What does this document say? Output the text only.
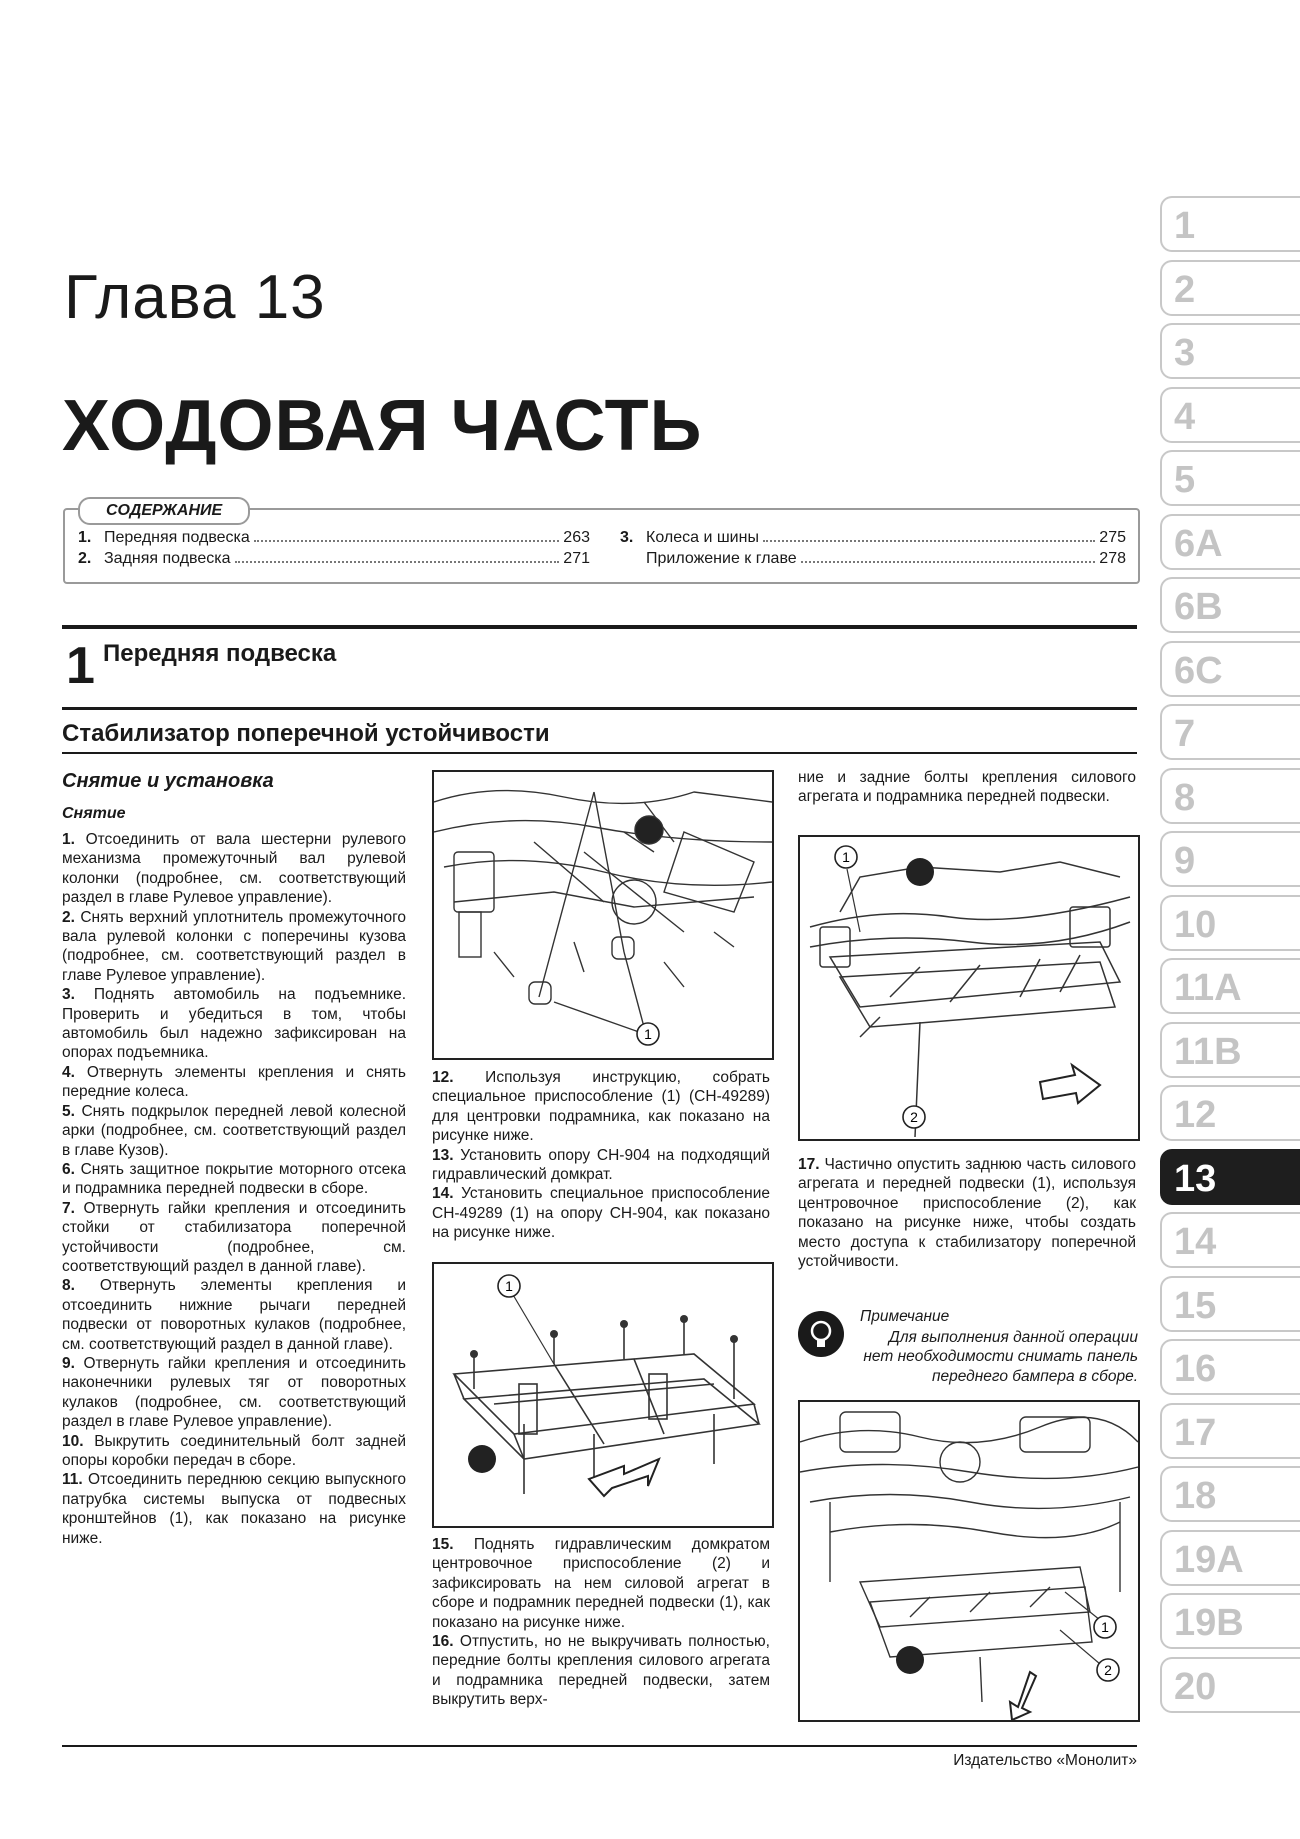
Глава 13
ХОДОВАЯ ЧАСТЬ
СОДЕРЖАНИЕ
1. Передняя подвеска	263
2. Задняя подвеска	271
3. Колеса и шины	275
Приложение к главе	278
1 Передняя подвеска
Стабилизатор поперечной устойчивости
Снятие и установка
Снятие

1. Отсоединить от вала шестерни рулевого механизма промежуточный вал рулевой колонки (подробнее, см. соответствующий раздел в главе Рулевое управление).

2. Снять верхний уплотнитель промежуточного вала рулевой колонки с поперечины кузова (подробнее, см. соответствующий раздел в главе Рулевое управление).

3. Поднять автомобиль на подъемнике. Проверить и убедиться в том, чтобы автомобиль был надежно зафиксирован на опорах подъемника.

4. Отвернуть элементы крепления и снять передние колеса.

5. Снять подкрылок передней левой колесной арки (подробнее, см. соответствующий раздел в главе Кузов).

6. Снять защитное покрытие моторного отсека и подрамника передней подвески в сборе.

7. Отвернуть гайки крепления и отсоединить стойки от стабилизатора поперечной устойчивости (подробнее, см. соответствующий раздел в данной главе).

8. Отвернуть элементы крепления и отсоединить нижние рычаги передней подвески от поворотных кулаков (подробнее, см. соответствующий раздел в данной главе).

9. Отвернуть гайки крепления и отсоединить наконечники рулевых тяг от поворотных кулаков (подробнее, см. соответствующий раздел в главе Рулевое управление).

10. Выкрутить соединительный болт задней опоры коробки передач в сборе.

11. Отсоединить переднюю секцию выпускного патрубка системы выпуска от подвесных кронштейнов (1), как показано на рисунке ниже.

1

12. Используя инструкцию, собрать специальное приспособление (1) (CH-49289) для центровки подрамника, как показано на рисунке ниже.

13. Установить опору CH-904 на подходящий гидравлический домкрат.

14. Установить специальное приспособление CH-49289 (1) на опору CH-904, как показано на рисунке ниже.

1

15. Поднять гидравлическим домкратом центровочное приспособление (2) и зафиксировать на нем силовой агрегат в сборе и подрамник передней подвески (1), как показано на рисунке ниже.

16. Отпустить, но не выкручивать полностью, передние болты крепления силового агрегата и подрамника передней подвески, затем выкрутить верх-

ние и задние болты крепления силового агрегата и подрамника передней подвески.

1
2

17. Частично опустить заднюю часть силового агрегата и передней подвески (1), используя центровочное приспособление (2), как показано на рисунке ниже, чтобы создать место доступа к стабилизатору поперечной устойчивости.

Примечание
Для выполнения данной операции нет необходимости снимать панель переднего бампера в сборе.
1
2
Издательство «Монолит»
1
2
3
4
5
6A
6B
6C
7
8
9
10
11A
11B
12
13
14
15
16
17
18
19A
19B
20
